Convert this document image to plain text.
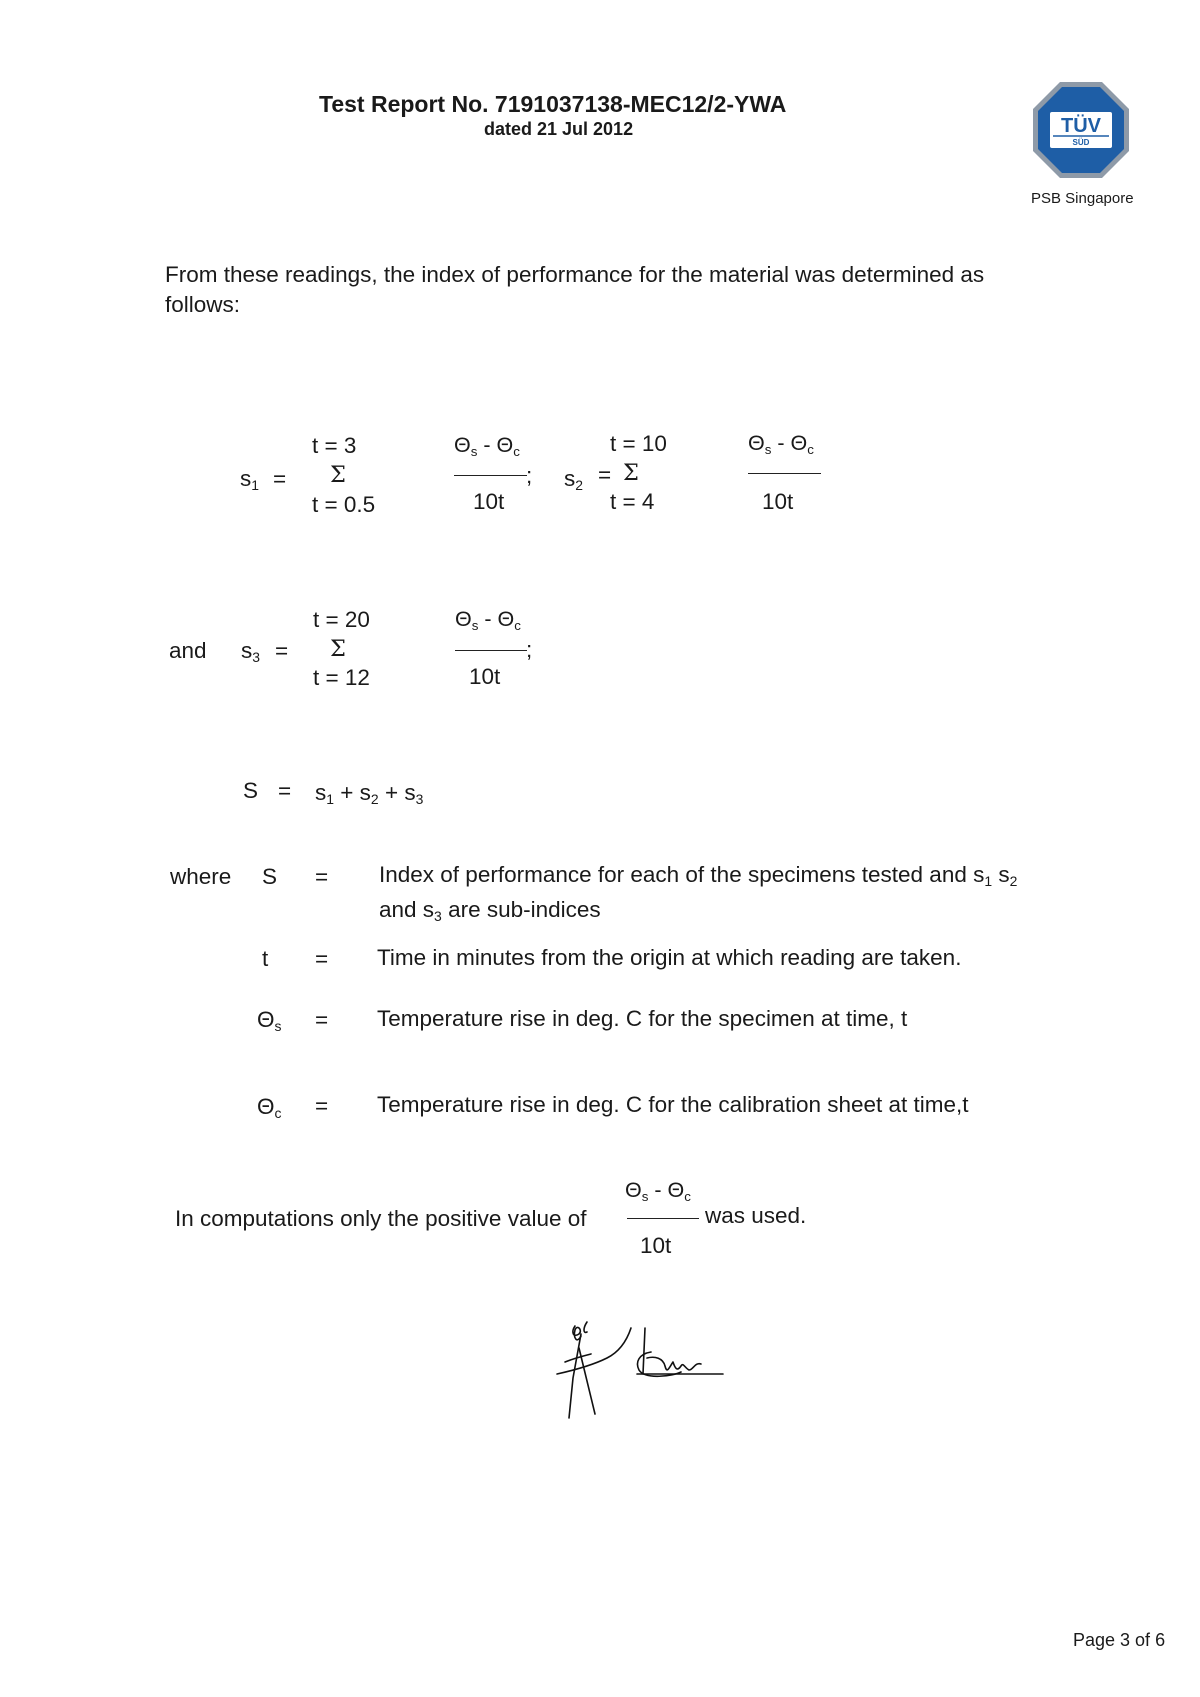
Test Report No. 7191037138-MEC12/2-YWA
dated 21 Jul 2012	TÜV
SÜD
PSB Singapore
From these readings, the index of performance for the material was determined as
follows:
$s_1$ =
t = 3
Σ
t = 0.5
$\Theta_s - \Theta_c$
;
10t
$s_2$ =
t = 10
Σ
t = 4
$\Theta_s - \Theta_c$
10t
and $s_3$ =
t = 20
Σ
t = 12
$\Theta_s - \Theta_c$
;
10t
$S = s_1 + s_2 + s_3$
where S = Index of performance for each of the specimens tested and $s_1$ $s_2$
and $s_3$ are sub-indices
t = Time in minutes from the origin at which reading are taken.
$\Theta_s$ = Temperature rise in deg. C for the specimen at time, t
$\Theta_c$ = Temperature rise in deg. C for the calibration sheet at time,t
In computations only the positive value of
$\Theta_s - \Theta_c$
10t
was used.
Page 3 of 6
